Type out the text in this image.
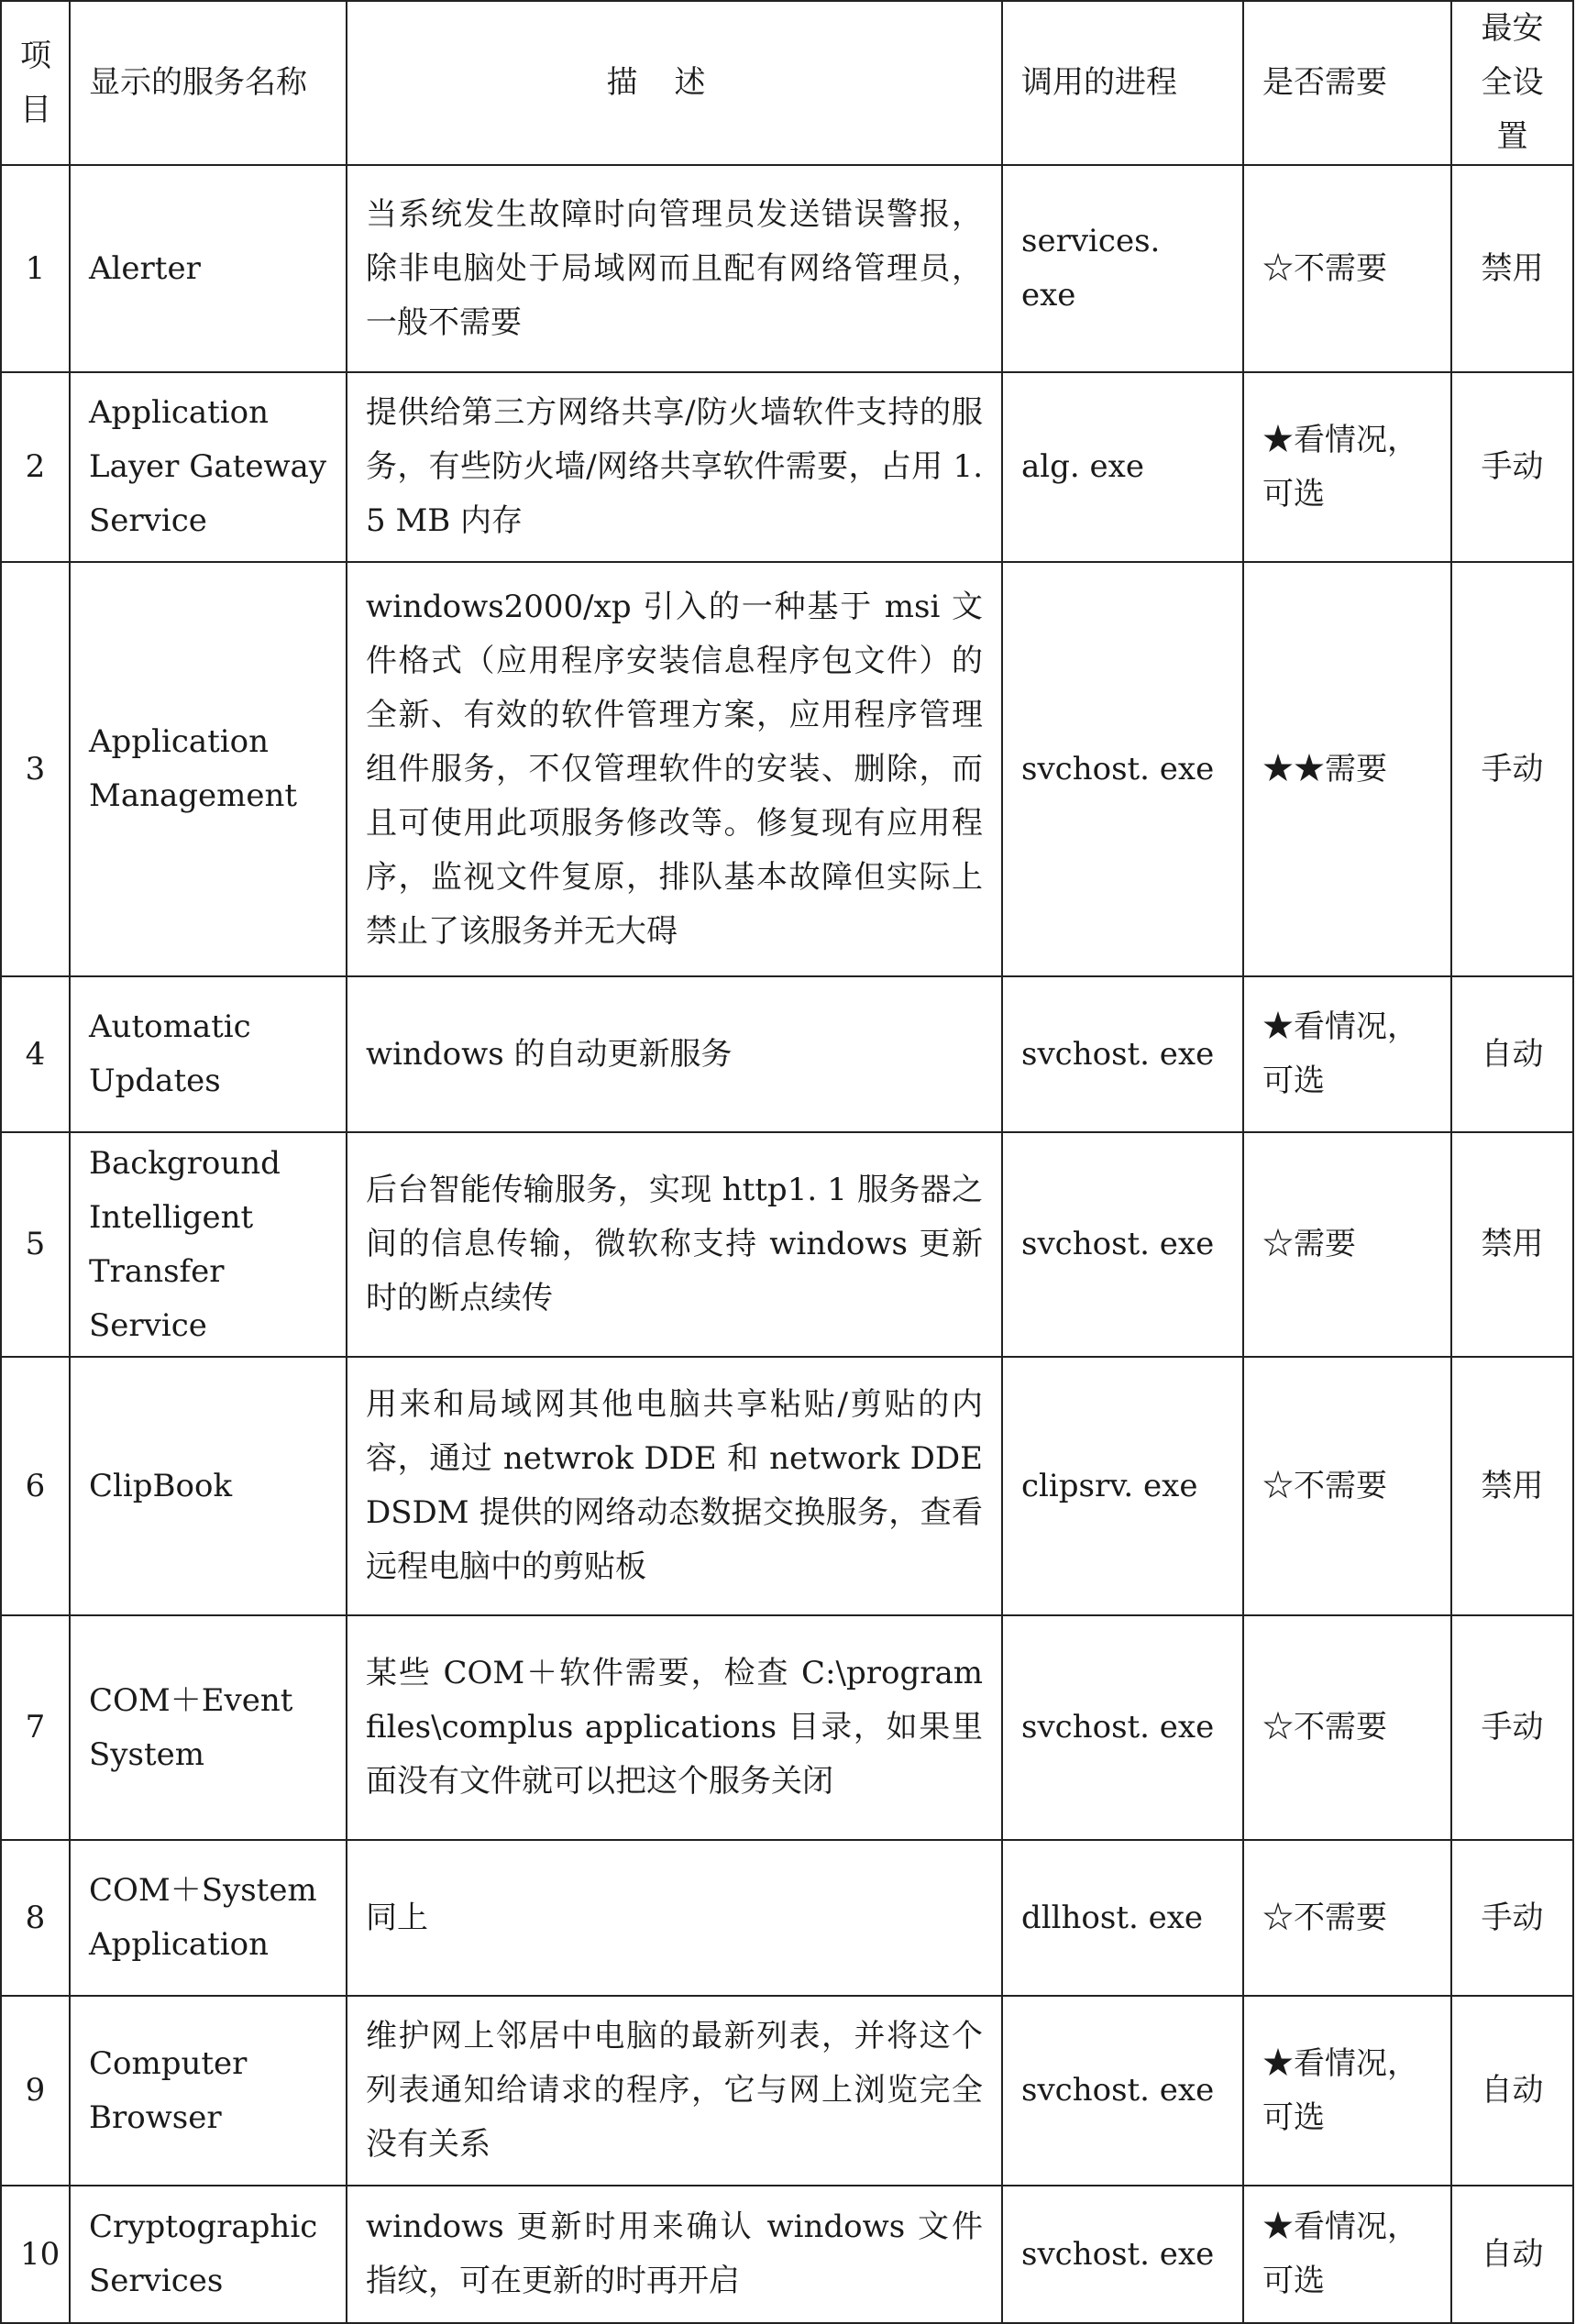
项目	显示的服务名称	描述	调用的进程	是否需要	最安全设置
1	Alerter	当系统发生故障时向管理员发送错误警报，除非电脑处于局域网而且配有网络管理员，一般不需要	services. exe	☆不需要	禁用
2	Application Layer Gateway Service	提供给第三方网络共享/防火墙软件支持的服务，有些防火墙/网络共享软件需要，占用 1. 5 MB 内存	alg. exe	★看情况，可选	手动
3	Application Management	windows2000/xp 引入的一种基于 msi 文件格式（应用程序安装信息程序包文件）的全新、有效的软件管理方案，应用程序管理组件服务，不仅管理软件的安装、删除，而且可使用此项服务修改等。修复现有应用程序，监视文件复原，排队基本故障但实际上禁止了该服务并无大碍	svchost. exe	★★需要	手动
4	Automatic Updates	windows 的自动更新服务	svchost. exe	★看情况，可选	自动
5	Background Intelligent Transfer Service	后台智能传输服务，实现 http1. 1 服务器之间的信息传输，微软称支持 windows 更新时的断点续传	svchost. exe	☆需要	禁用
6	ClipBook	用来和局域网其他电脑共享粘贴/剪贴的内容，通过 netwrok DDE 和 network DDE DSDM 提供的网络动态数据交换服务，查看远程电脑中的剪贴板	clipsrv. exe	☆不需要	禁用
7	COM＋Event System	某些 COM＋软件需要，检查 C:\program files\complus applications 目录，如果里面没有文件就可以把这个服务关闭	svchost. exe	☆不需要	手动
8	COM＋System Application	同上	dllhost. exe	☆不需要	手动
9	Computer Browser	维护网上邻居中电脑的最新列表，并将这个列表通知给请求的程序，它与网上浏览完全没有关系	svchost. exe	★看情况，可选	自动
10	Cryptographic Services	windows 更新时用来确认 windows 文件指纹，可在更新的时再开启	svchost. exe	★看情况，可选	自动
